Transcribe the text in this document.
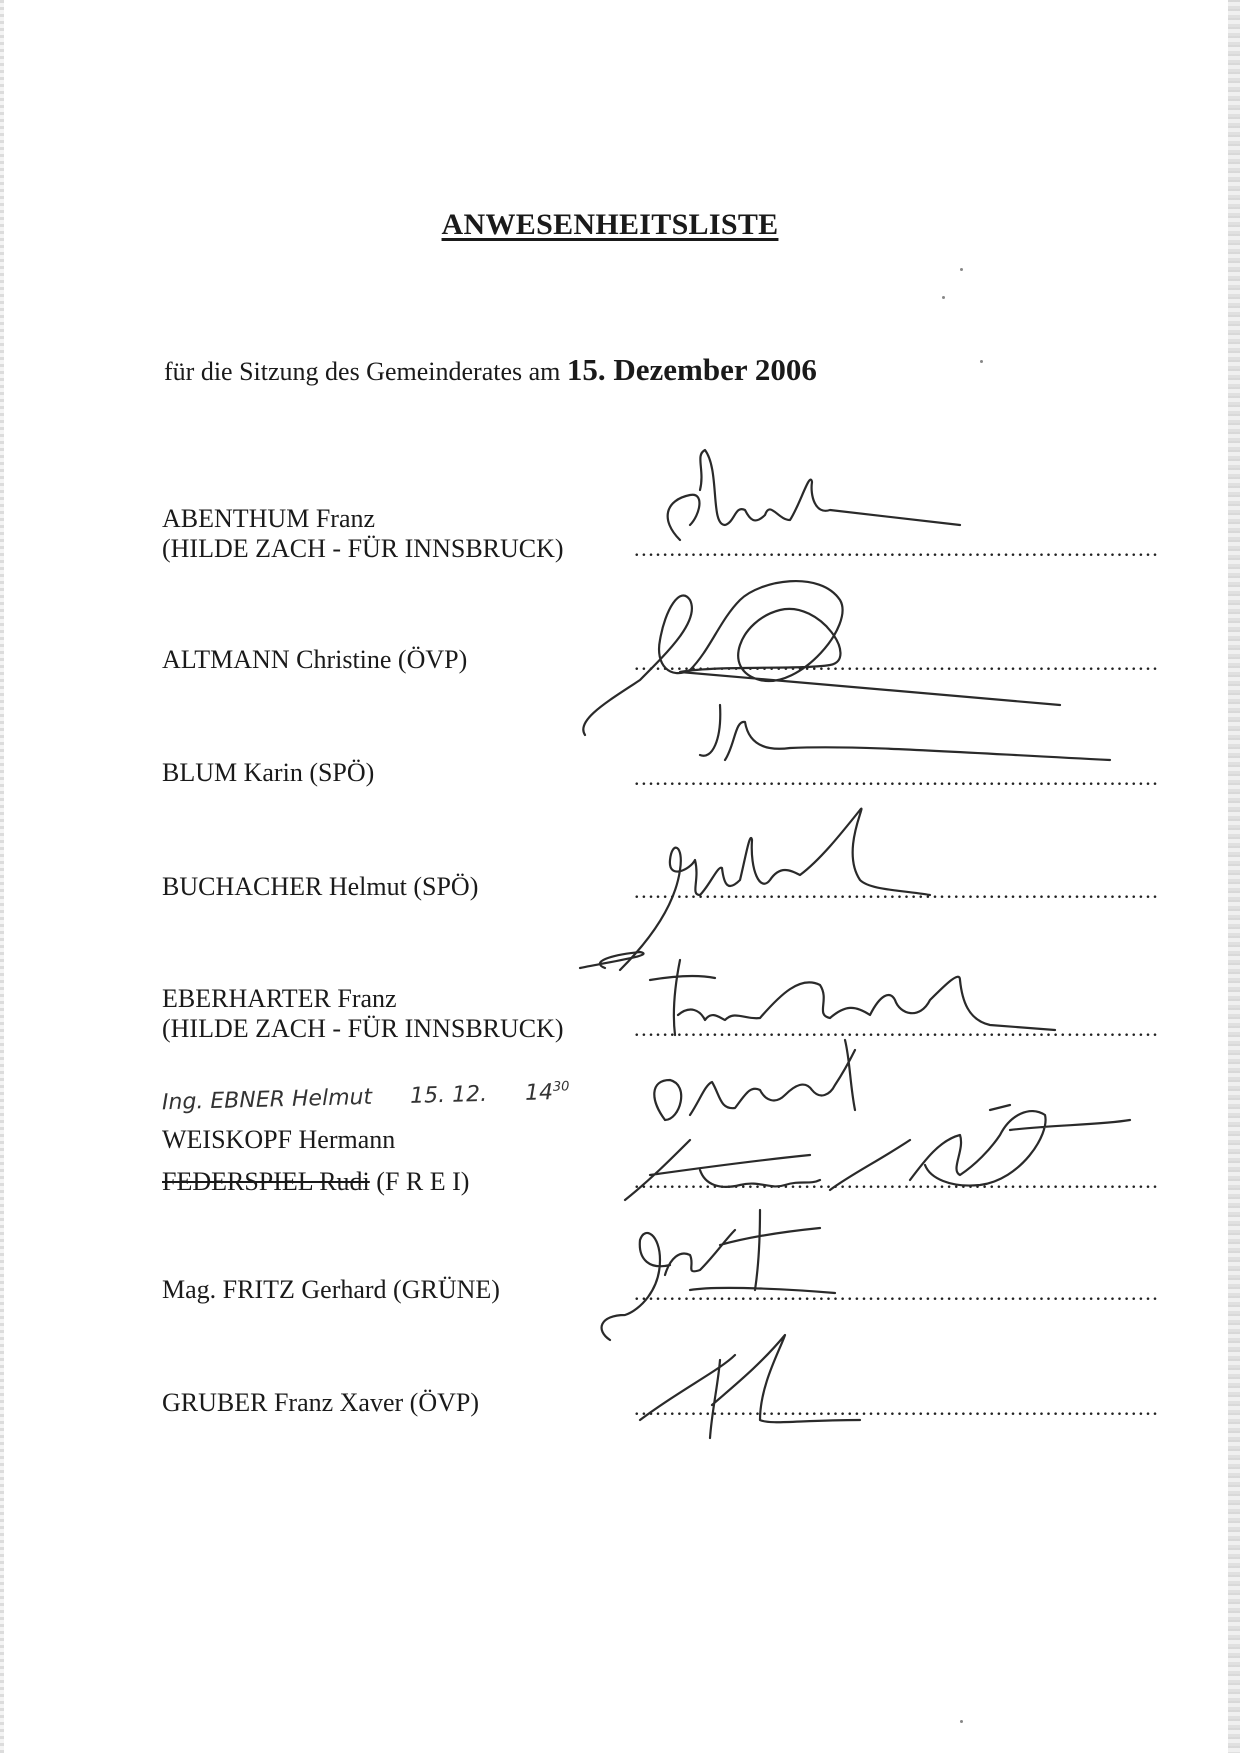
ANWESENHEITSLISTE
für die Sitzung des Gemeinderates am 15. Dezember 2006
ABENTHUM Franz
(HILDE ZACH - FÜR INNSBRUCK)	..........................................................................
ALTMANN Christine (ÖVP)	..........................................................................
BLUM Karin (SPÖ)	..........................................................................
BUCHACHER Helmut (SPÖ)	..........................................................................
EBERHARTER Franz
(HILDE ZACH - FÜR INNSBRUCK)	..........................................................................
Ing. EBNER Helmut 15. 12. $14^{30}$
WEISKOPF Hermann
FEDERSPIEL Rudi (F R E I)	..........................................................................
Mag. FRITZ Gerhard (GRÜNE)	..........................................................................
GRUBER Franz Xaver (ÖVP)	..........................................................................
